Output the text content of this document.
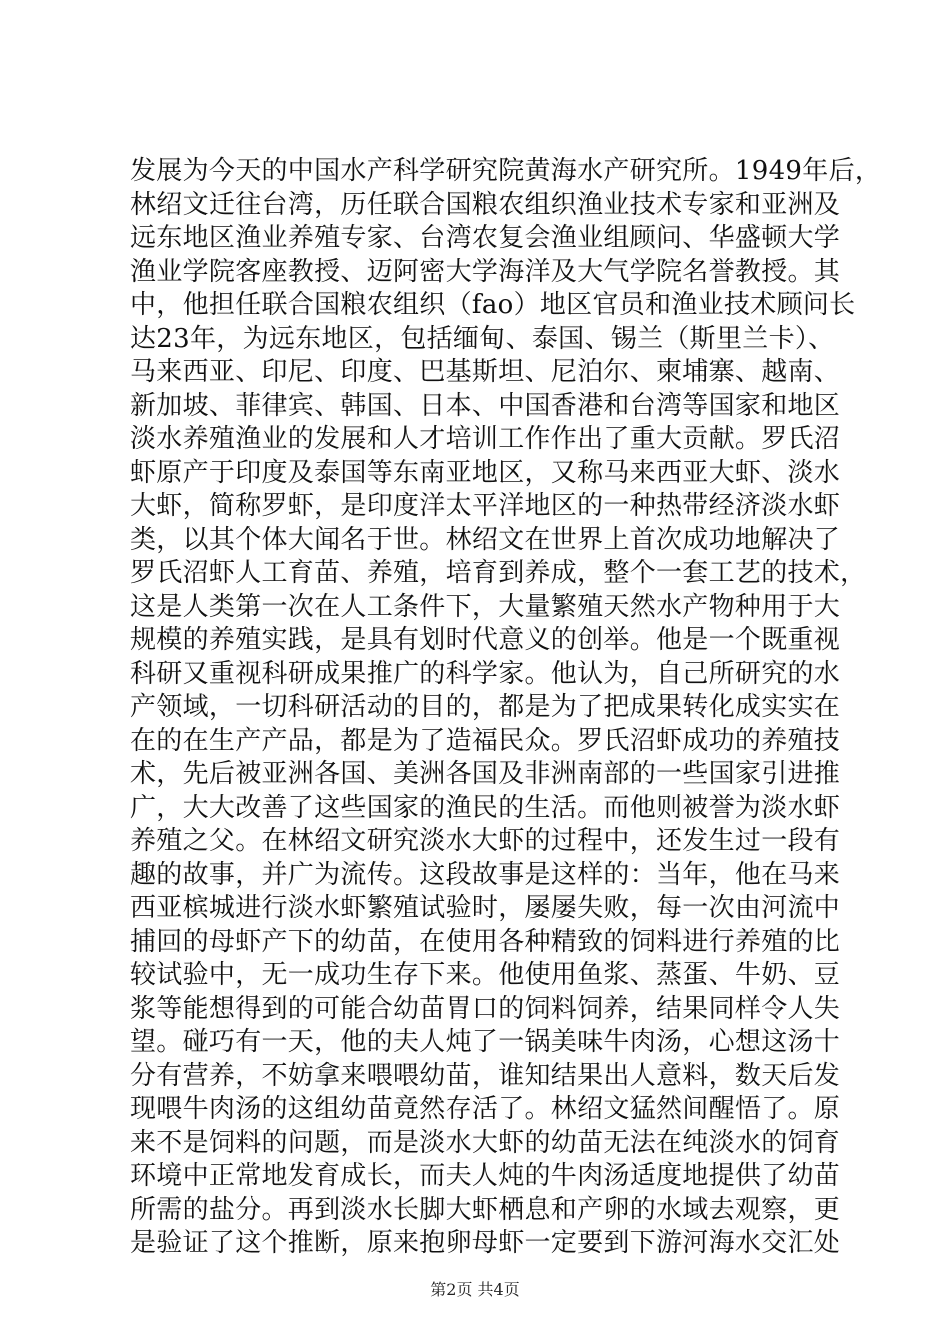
发展为今天的中国水产科学研究院黄海水产研究所。1949年后，
林绍文迁往台湾，历任联合国粮农组织渔业技术专家和亚洲及
远东地区渔业养殖专家、台湾农复会渔业组顾问、华盛顿大学
渔业学院客座教授、迈阿密大学海洋及大气学院名誉教授。其
中，他担任联合国粮农组织（fao）地区官员和渔业技术顾问长
达23年，为远东地区，包括缅甸、泰国、锡兰（斯里兰卡）、
马来西亚、印尼、印度、巴基斯坦、尼泊尔、柬埔寨、越南、
新加坡、菲律宾、韩国、日本、中国香港和台湾等国家和地区
淡水养殖渔业的发展和人才培训工作作出了重大贡献。罗氏沼
虾原产于印度及泰国等东南亚地区，又称马来西亚大虾、淡水
大虾，简称罗虾，是印度洋太平洋地区的一种热带经济淡水虾
类，以其个体大闻名于世。林绍文在世界上首次成功地解决了
罗氏沼虾人工育苗、养殖，培育到养成，整个一套工艺的技术，
这是人类第一次在人工条件下，大量繁殖天然水产物种用于大
规模的养殖实践，是具有划时代意义的创举。他是一个既重视
科研又重视科研成果推广的科学家。他认为，自己所研究的水
产领域，一切科研活动的目的，都是为了把成果转化成实实在
在的在生产产品，都是为了造福民众。罗氏沼虾成功的养殖技
术，先后被亚洲各国、美洲各国及非洲南部的一些国家引进推
广，大大改善了这些国家的渔民的生活。而他则被誉为淡水虾
养殖之父。在林绍文研究淡水大虾的过程中，还发生过一段有
趣的故事，并广为流传。这段故事是这样的：当年，他在马来
西亚槟城进行淡水虾繁殖试验时，屡屡失败，每一次由河流中
捕回的母虾产下的幼苗，在使用各种精致的饲料进行养殖的比
较试验中，无一成功生存下来。他使用鱼浆、蒸蛋、牛奶、豆
浆等能想得到的可能合幼苗胃口的饲料饲养，结果同样令人失
望。碰巧有一天，他的夫人炖了一锅美味牛肉汤，心想这汤十
分有营养，不妨拿来喂喂幼苗，谁知结果出人意料，数天后发
现喂牛肉汤的这组幼苗竟然存活了。林绍文猛然间醒悟了。原
来不是饲料的问题，而是淡水大虾的幼苗无法在纯淡水的饲育
环境中正常地发育成长，而夫人炖的牛肉汤适度地提供了幼苗
所需的盐分。再到淡水长脚大虾栖息和产卵的水域去观察，更
是验证了这个推断，原来抱卵母虾一定要到下游河海水交汇处
第2页 共4页
